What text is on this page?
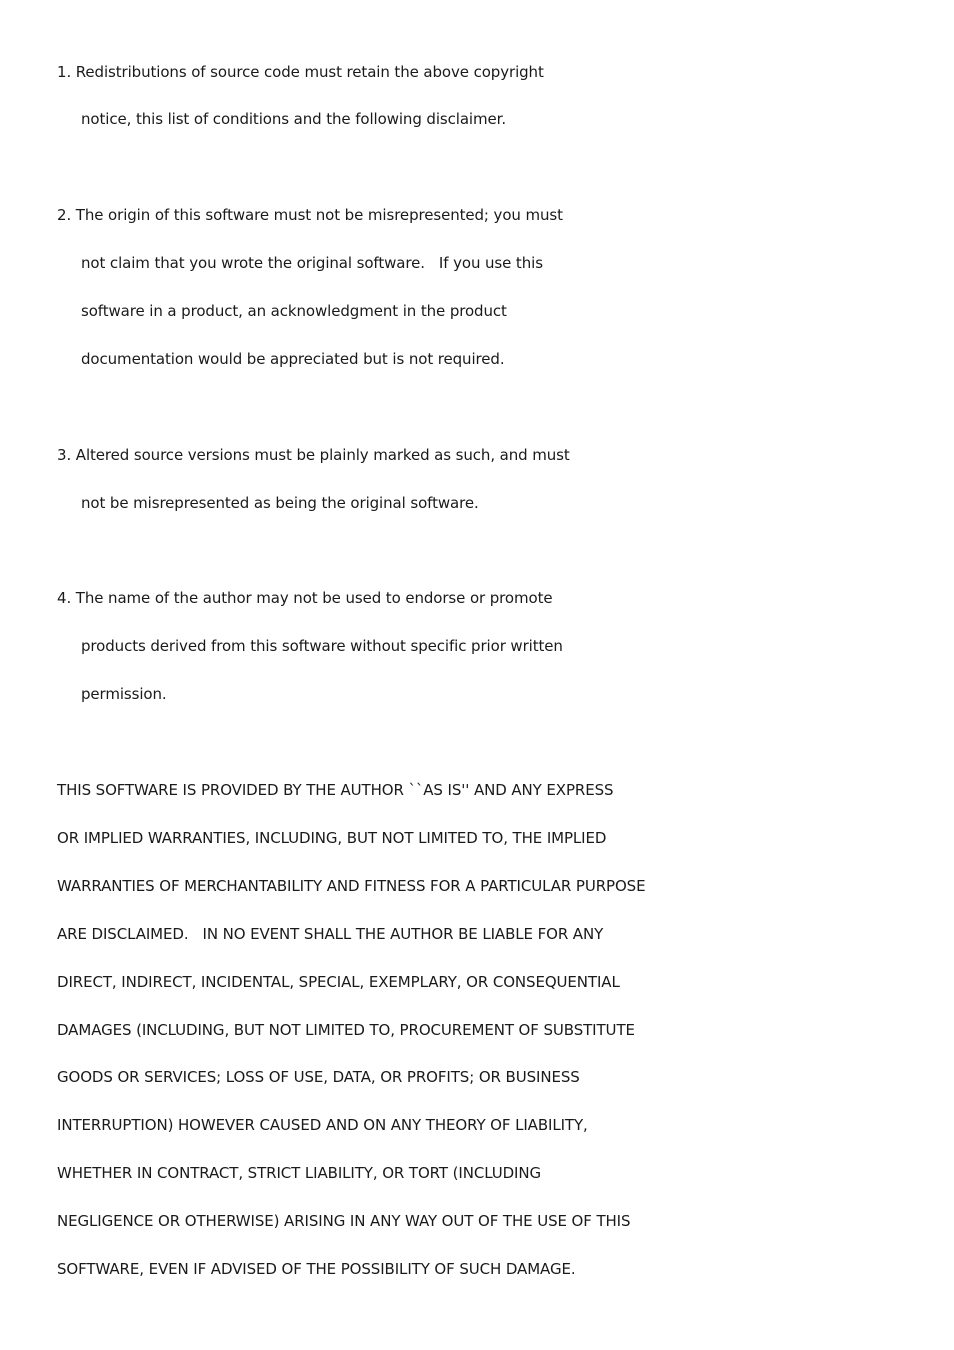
1. Redistributions of source code must retain the above copyright
notice, this list of conditions and the following disclaimer.
2. The origin of this software must not be misrepresented; you must
not claim that you wrote the original software.   If you use this
software in a product, an acknowledgment in the product
documentation would be appreciated but is not required.
3. Altered source versions must be plainly marked as such, and must
not be misrepresented as being the original software.
4. The name of the author may not be used to endorse or promote
products derived from this software without specific prior written
permission.
THIS SOFTWARE IS PROVIDED BY THE AUTHOR ``AS IS'' AND ANY EXPRESS
OR IMPLIED WARRANTIES, INCLUDING, BUT NOT LIMITED TO, THE IMPLIED
WARRANTIES OF MERCHANTABILITY AND FITNESS FOR A PARTICULAR PURPOSE
ARE DISCLAIMED.   IN NO EVENT SHALL THE AUTHOR BE LIABLE FOR ANY
DIRECT, INDIRECT, INCIDENTAL, SPECIAL, EXEMPLARY, OR CONSEQUENTIAL
DAMAGES (INCLUDING, BUT NOT LIMITED TO, PROCUREMENT OF SUBSTITUTE
GOODS OR SERVICES; LOSS OF USE, DATA, OR PROFITS; OR BUSINESS
INTERRUPTION) HOWEVER CAUSED AND ON ANY THEORY OF LIABILITY,
WHETHER IN CONTRACT, STRICT LIABILITY, OR TORT (INCLUDING
NEGLIGENCE OR OTHERWISE) ARISING IN ANY WAY OUT OF THE USE OF THIS
SOFTWARE, EVEN IF ADVISED OF THE POSSIBILITY OF SUCH DAMAGE.
